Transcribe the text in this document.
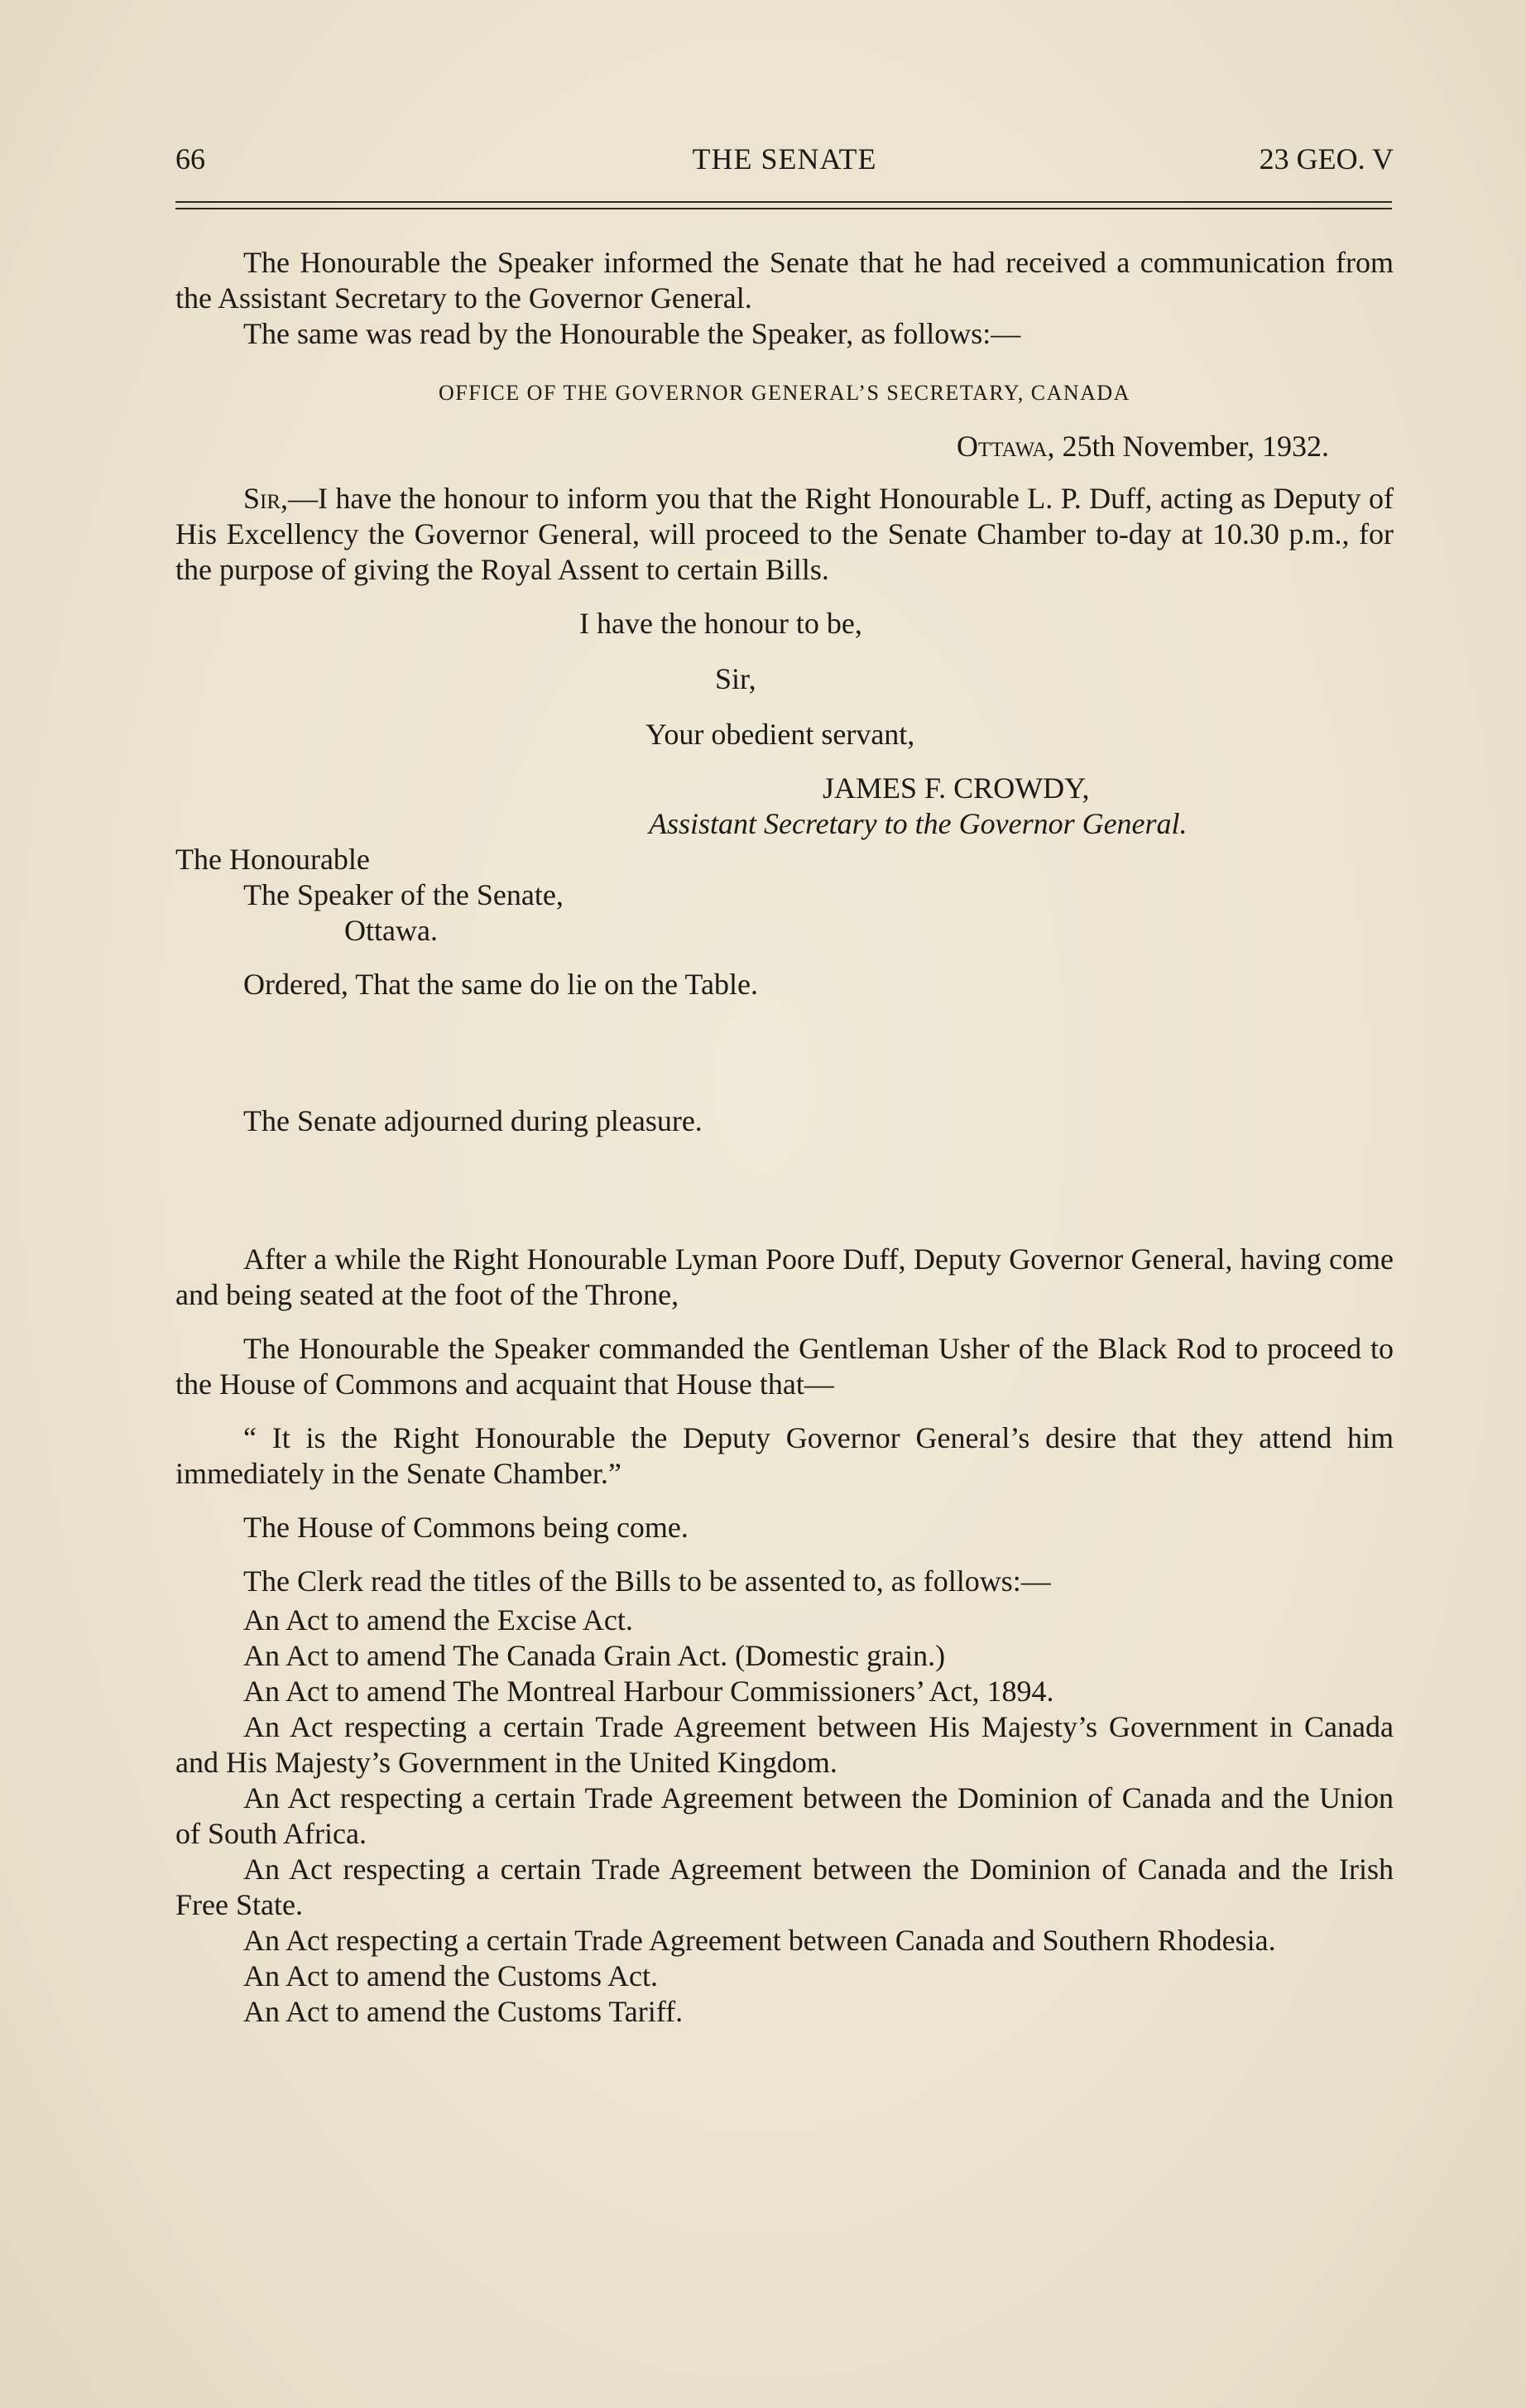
66	THE SENATE	23 GEO. V

The Honourable the Speaker informed the Senate that he had received a communication from the Assistant Secretary to the Governor General.

The same was read by the Honourable the Speaker, as follows:—

OFFICE OF THE GOVERNOR GENERAL’S SECRETARY, CANADA

Ottawa, 25th November, 1932.

Sir,—I have the honour to inform you that the Right Honourable L. P. Duff, acting as Deputy of His Excellency the Governor General, will proceed to the Senate Chamber to-day at 10.30 p.m., for the purpose of giving the Royal Assent to certain Bills.

I have the honour to be,

Sir,

Your obedient servant,

JAMES F. CROWDY,

Assistant Secretary to the Governor General.

The Honourable

The Speaker of the Senate,

Ottawa.

Ordered, That the same do lie on the Table.

The Senate adjourned during pleasure.

After a while the Right Honourable Lyman Poore Duff, Deputy Governor General, having come and being seated at the foot of the Throne,

The Honourable the Speaker commanded the Gentleman Usher of the Black Rod to proceed to the House of Commons and acquaint that House that—

“ It is the Right Honourable the Deputy Governor General’s desire that they attend him immediately in the Senate Chamber.”

The House of Commons being come.

The Clerk read the titles of the Bills to be assented to, as follows:—

An Act to amend the Excise Act.

An Act to amend The Canada Grain Act. (Domestic grain.)

An Act to amend The Montreal Harbour Commissioners’ Act, 1894.

An Act respecting a certain Trade Agreement between His Majesty’s Government in Canada and His Majesty’s Government in the United Kingdom.

An Act respecting a certain Trade Agreement between the Dominion of Canada and the Union of South Africa.

An Act respecting a certain Trade Agreement between the Dominion of Canada and the Irish Free State.

An Act respecting a certain Trade Agreement between Canada and Southern Rhodesia.

An Act to amend the Customs Act.

An Act to amend the Customs Tariff.
